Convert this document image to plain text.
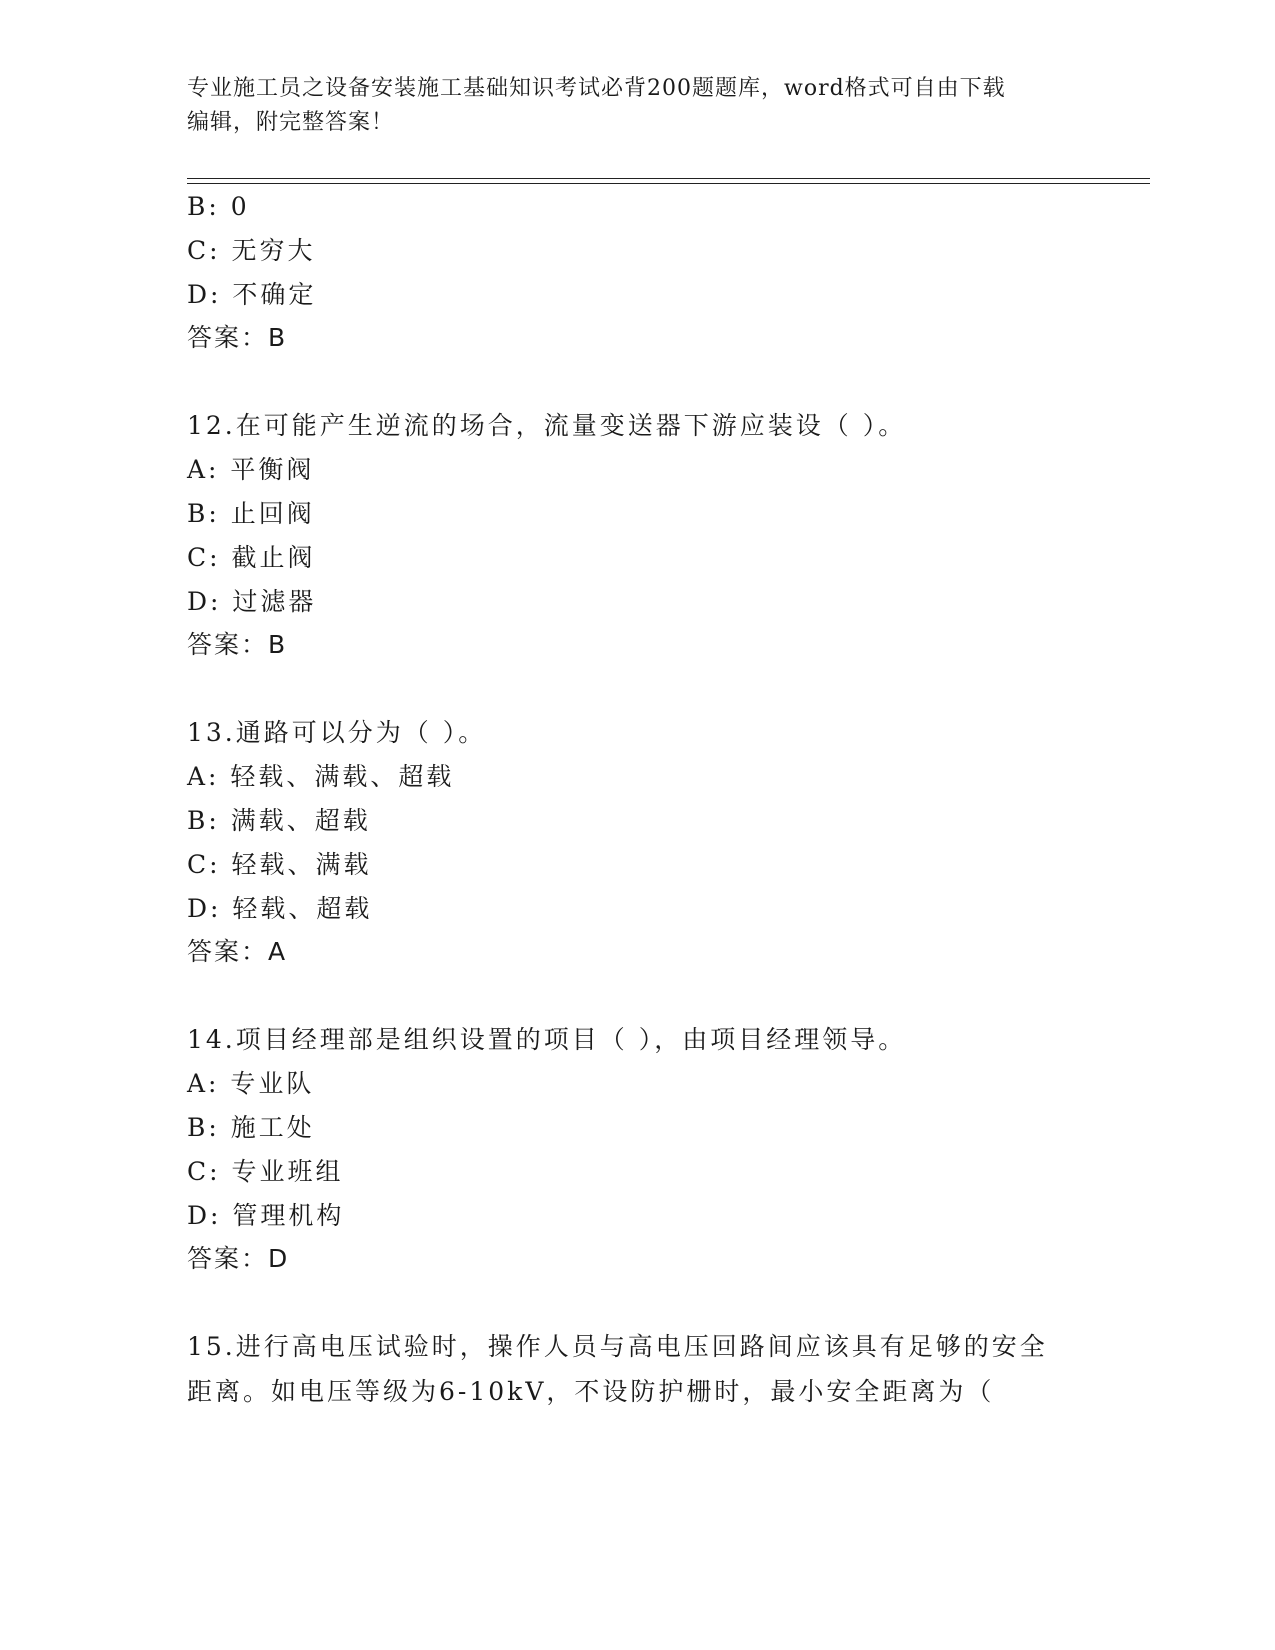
专业施工员之设备安装施工基础知识考试必背200题题库，word格式可自由下载
编辑，附完整答案！
B: 0
C: 无穷大
D: 不确定
答案：B
12.在可能产生逆流的场合，流量变送器下游应装设（ ）。
A: 平衡阀
B: 止回阀
C: 截止阀
D: 过滤器
答案：B
13.通路可以分为（ ）。
A: 轻载、满载、超载
B: 满载、超载
C: 轻载、满载
D: 轻载、超载
答案：A
14.项目经理部是组织设置的项目（ ），由项目经理领导。
A: 专业队
B: 施工处
C: 专业班组
D: 管理机构
答案：D
15.进行高电压试验时，操作人员与高电压回路间应该具有足够的安全
距离。如电压等级为6-10kV，不设防护栅时，最小安全距离为（
